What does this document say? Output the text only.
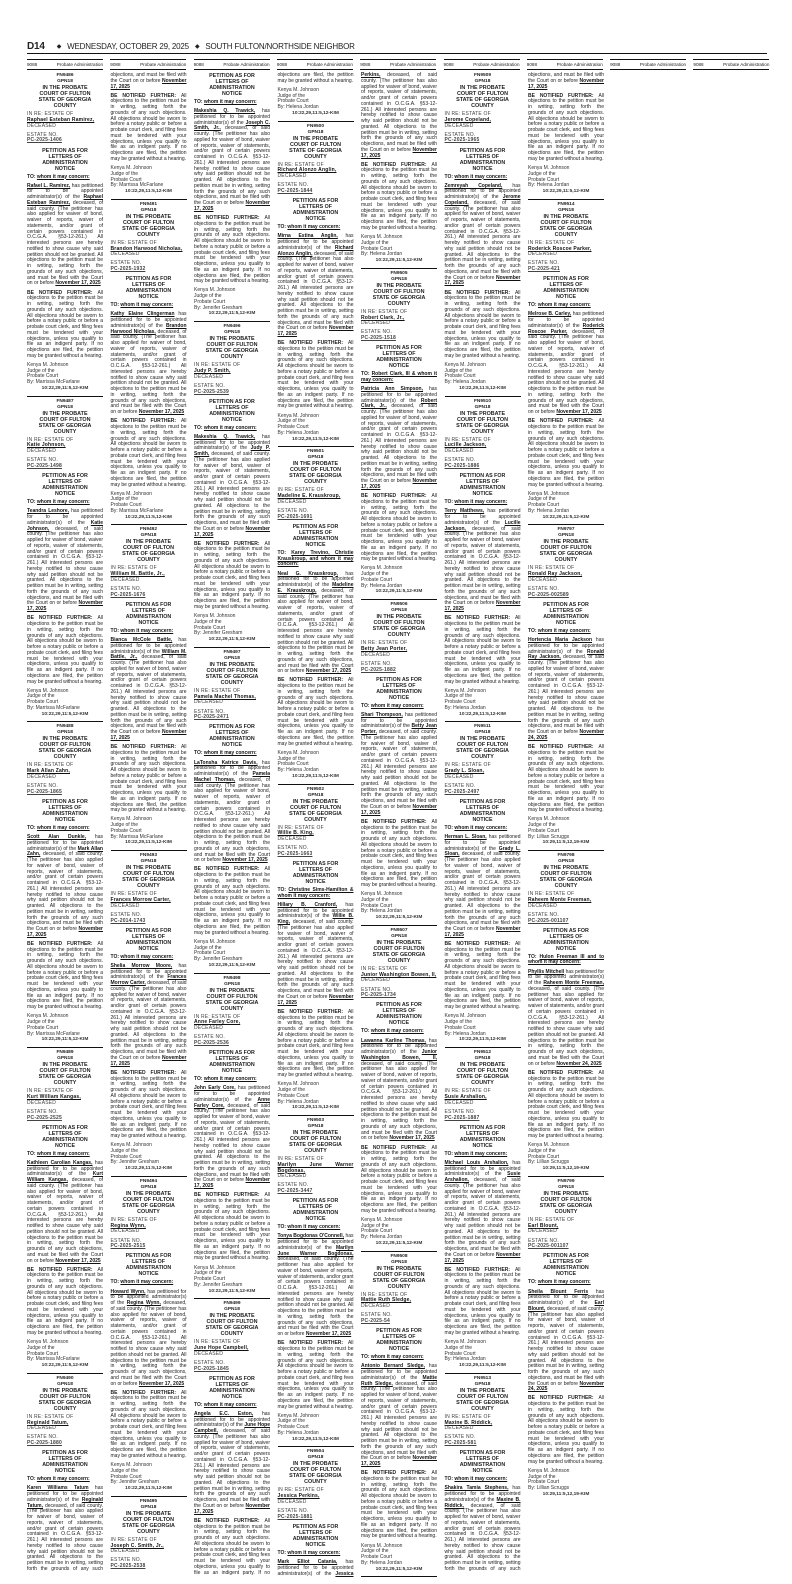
D14 ◆ WEDNESDAY, OCTOBER 29, 2025 ◆ SOUTH FULTON/NORTHSIDE NEIGHBOR
9088	Probate Administration 9088	Probate Administration 9088	Probate Administration 9088	Probate Administration 9088	Probate Administration 9088	Probate Administration 9088	Probate Administration 9088	Probate Administration 9088	Probate Administration
FN9486
GPN18
IN THE PROBATE
COURT OF FULTON
STATE OF GEORGIA
COUNTY

IN RE: ESTATE OF
Raphael Esteban Ramirez,
DECEASED

ESTATE NO.
PC-2025-1406

PETITION AS FOR
LETTERS OF
ADMINISTRATION
NOTICE

TO: whom it may concern:

Rafael L. Ramirez, has petitioned for to be appointed administrator(s) of the Raphael Esteban Ramirez, deceased, of said county. (The petitioner has also applied for waiver of bond, waiver of reports, waiver of statements, and/or grant of certain powers contained in O.C.G.A. §53-12-261.) All interested persons are hereby notified to show cause why said petition should not be granted. All objections to the petition must be in writing, setting forth the grounds of any such objections, and must be filed with the Court on or before November 17, 2025

BE NOTIFIED FURTHER: All objections to the petition must be in writing, setting forth the grounds of any such objections. All objections should be sworn to before a notary public or before a probate court clerk, and filing fees must be tendered with your objections, unless you qualify to file as an indigent party. If no objections are filed, the petition may be granted without a hearing.

Kenya M. Johnson
Judge of the
Probate Court
By: Marrissa McFarlane
10:22,29,11:5,12-KIM

FN9487
GPN18
IN THE PROBATE
COURT OF FULTON
STATE OF GEORGIA
COUNTY

IN RE: ESTATE OF
Katie Johnson,
DECEASED

ESTATE NO.
PC-2025-1498

PETITION AS FOR
LETTERS OF
ADMINISTRATION
NOTICE

TO: whom it may concern:

Teandra Leshore, has petitioned for to be appointed administrator(s) of the Katie Johnson, deceased, of said county. (The petitioner has also applied for waiver of bond, waiver of reports, waiver of statements, and/or grant of certain powers contained in O.C.G.A. §53-12-261.) All interested persons are hereby notified to show cause why said petition should not be granted. All objections to the petition must be in writing, setting forth the grounds of any such objections, and must be filed with the Court on or before November 17, 2025

BE NOTIFIED FURTHER: All objections to the petition must be in writing, setting forth the grounds of any such objections. All objections should be sworn to before a notary public or before a probate court clerk, and filing fees must be tendered with your objections, unless you qualify to file as an indigent party. If no objections are filed, the petition may be granted without a hearing.

Kenya M. Johnson
Judge of the
Probate Court
By: Marrissa McFarlane
10:22,29,11:5,12-KIM

FN9488
GPN18
IN THE PROBATE
COURT OF FULTON
STATE OF GEORGIA
COUNTY

IN RE: ESTATE OF
Mark Allan Zahn,
DECEASED

ESTATE NO.
PC-2025-1865

PETITION AS FOR
LETTERS OF
ADMINISTRATION
NOTICE

TO: whom it may concern:

Scott Alan Dunkle, has petitioned for to be appointed administrator(s) of the Mark Allan Zahn, deceased, of said county. (The petitioner has also applied for waiver of bond, waiver of reports, waiver of statements, and/or grant of certain powers contained in O.C.G.A. §53-12-261.) All interested persons are hereby notified to show cause why said petition should not be granted. All objections to the petition must be in writing, setting forth the grounds of any such objections, and must be filed with the Court on or before November 17, 2025

BE NOTIFIED FURTHER: All objections to the petition must be in writing, setting forth the grounds of any such objections. All objections should be sworn to before a notary public or before a probate court clerk, and filing fees must be tendered with your objections, unless you qualify to file as an indigent party. If no objections are filed, the petition may be granted without a hearing.

Kenya M. Johnson
Judge of the
Probate Court
By: Marrissa McFarlane
10:22,29,11:5,12-KIM

FN9489
GPN18
IN THE PROBATE
COURT OF FULTON
STATE OF GEORGIA
COUNTY

IN RE: ESTATE OF
Kurt William Kangas,
DECEASED

ESTATE NO.
PC-2025-2525

PETITION AS FOR
LETTERS OF
ADMINISTRATION
NOTICE

TO: whom it may concern:

Kathleen Carolian Kangas, has petitioned for to be appointed administrator(s) of the Kurt William Kangas, deceased, of said county. (The petitioner has also applied for waiver of bond, waiver of reports, waiver of statements, and/or grant of certain powers contained in O.C.G.A. §53-12-261.) All interested persons are hereby notified to show cause why said petition should not be granted. All objections to the petition must be in writing, setting forth the grounds of any such objections, and must be filed with the Court on or before November 17, 2025

BE NOTIFIED FURTHER: All objections to the petition must be in writing, setting forth the grounds of any such objections. All objections should be sworn to before a notary public or before a probate court clerk, and filing fees must be tendered with your objections, unless you qualify to file as an indigent party. If no objections are filed, the petition may be granted without a hearing.

Kenya M. Johnson
Judge of the
Probate Court
By: Marrissa McFarlane
10:22,29,11:5,12-KIM

FN9490
GPN18
IN THE PROBATE
COURT OF FULTON
STATE OF GEORGIA
COUNTY

IN RE: ESTATE OF
Reginald Tatum,
DECEASED

ESTATE NO.
PC-2025-1880

PETITION AS FOR
LETTERS OF
ADMINISTRATION
NOTICE

TO: whom it may concern:

Karen Williams Tatum has petitioned for to be appointed administrator(s) of the Reginald Tatum, deceased, of said county. (The petitioner has also applied for waiver of bond, waiver of reports, waiver of statements, and/or grant of certain powers contained in O.C.G.A. §53-12-261.) All interested persons are hereby notified to show cause why said petition should not be granted. All objections to the petition must be in writing, setting forth the grounds of any such objections, and must be filed with the Court on or before November 17, 2025

BE NOTIFIED FURTHER: All objections to the petition must be in writing, setting forth the grounds of any such objections. All objections should be sworn to before a notary public or before a probate court clerk, and filing fees must be tendered with your objections, unless you qualify to file as an indigent party. If no objections are filed, the petition may be granted without a hearing.

Kenya M. Johnson
Judge of the
Probate Court
By: Marrissa McFarlane
10:22,29,11:5,12-KIM

FN9491
GPN18
IN THE PROBATE
COURT OF FULTON
STATE OF GEORGIA
COUNTY

IN RE: ESTATE OF
Brandon Harwood Nicholas,
DECEASED

ESTATE NO.
PC-2025-1932

PETITION AS FOR
LETTERS OF
ADMINISTRATION
NOTICE

TO: whom it may concern:

Kathy Elaine Clingerman has petitioned for to be appointed administrator(s) of the Brandon Harwood Nicholas, deceased, of said county. (The petitioner has also applied for waiver of bond, waiver of reports, waiver of statements, and/or grant of certain powers contained in O.C.G.A. §53-12-261.) All interested persons are hereby notified to show cause why said petition should not be granted. All objections to the petition must be in writing, setting forth the grounds of any such objections, and must be filed with the Court on or before November 17, 2025

BE NOTIFIED FURTHER: All objections to the petition must be in writing, setting forth the grounds of any such objections. All objections should be sworn to before a notary public or before a probate court clerk, and filing fees must be tendered with your objections, unless you qualify to file as an indigent party. If no objections are filed, the petition may be granted without a hearing.

Kenya M. Johnson
Judge of the
Probate Court
By: Marrissa McFarlane
10:22,29,11:5,12-KIM

FN9492
GPN18
IN THE PROBATE
COURT OF FULTON
STATE OF GEORGIA
COUNTY

IN RE: ESTATE OF
William M. Battle, Jr.,
DECEASED

ESTATE NO.
PC-2025-1676

PETITION AS FOR
LETTERS OF
ADMINISTRATION
NOTICE

TO: whom it may concern:

Bianca McCole Battle, has petitioned for to be appointed administrator(s) of the William M. Battle, Jr., deceased, of said county. (The petitioner has also applied for waiver of bond, waiver of reports, waiver of statements, and/or grant of certain powers contained in O.C.G.A. §53-12-261.) All interested persons are hereby notified to show cause why said petition should not be granted. All objections to the petition must be in writing, setting forth the grounds of any such objections, and must be filed with the Court on or before November 17, 2025

BE NOTIFIED FURTHER: All objections to the petition must be in writing, setting forth the grounds of any such objections. All objections should be sworn to before a notary public or before a probate court clerk, and filing fees must be tendered with your objections, unless you qualify to file as an indigent party. If no objections are filed, the petition may be granted without a hearing.

Kenya M. Johnson
Judge of the
Probate Court
By: Marrissa McFarlane
10:22,29,11:5,12-KIM

FN9493
GPN18
IN THE PROBATE
COURT OF FULTON
STATE OF GEORGIA
COUNTY

IN RE: ESTATE OF
Frances Morrow Carter,
DECEASED

ESTATE NO.
PC-2014-1743

PETITION AS FOR
LETTERS OF
ADMINISTRATION
NOTICE

TO: whom it may concern:

Shelia Morrow Moore, has petitioned for to be appointed administrator(s) of the Frances Morrow Carter, deceased, of said county. (The petitioner has also applied for waiver of bond, waiver of reports, waiver of statements, and/or grant of certain powers contained in O.C.G.A. §53-12-261.) All interested persons are hereby notified to show cause why said petition should not be granted. All objections to the petition must be in writing, setting forth the grounds of any such objections, and must be filed with the Court on or before November 17, 2025

BE NOTIFIED FURTHER: All objections to the petition must be in writing, setting forth the grounds of any such objections. All objections should be sworn to before a notary public or before a probate court clerk, and filing fees must be tendered with your objections, unless you qualify to file as an indigent party. If no objections are filed, the petition may be granted without a hearing.

Kenya M. Johnson
Judge of the
Probate Court
By: Jennifer Gresham
10:22,29,11:5,12-KIM

FN9494
GPN18
IN THE PROBATE
COURT OF FULTON
STATE OF GEORGIA
COUNTY

IN RE: ESTATE OF
Regina Wynn,
DECEASED

ESTATE NO.
PC-2025-2515

PETITION AS FOR
LETTERS OF
ADMINISTRATION
NOTICE

TO: whom it may concern:

Howard Wynn, has petitioned for to be appointed administrator(s) of the Regina Wynn, deceased, of said county. (The petitioner has also applied for waiver of bond, waiver of reports, waiver of statements, and/or grant of certain powers contained in O.C.G.A. §53-12-261.) All interested persons are hereby notified to show cause why said petition should not be granted. All objections to the petition must be in writing, setting forth the grounds of any such objections, and must be filed with the Court on or before November 17, 2025

BE NOTIFIED FURTHER: All objections to the petition must be in writing, setting forth the grounds of any such objections. All objections should be sworn to before a notary public or before a probate court clerk, and filing fees must be tendered with your objections, unless you qualify to file as an indigent party. If no objections are filed, the petition may be granted without a hearing.

Kenya M. Johnson
Judge of the
Probate Court
By: Jennifer Gresham
10:22,29,11:5,12-KIM

FN9495
GPN18
IN THE PROBATE
COURT OF FULTON
STATE OF GEORGIA
COUNTY

IN RE: ESTATE OF
Joseph C. Smith, Jr.,
DECEASED

ESTATE NO.
PC-2025-2538

PETITION AS FOR
LETTERS OF
ADMINISTRATION
NOTICE

TO: whom it may concern:

Makeshia Q. Trawick, has petitioned for to be appointed administrator(s) of the Joseph C. Smith, Jr., deceased, of said county. (The petitioner has also applied for waiver of bond, waiver of reports, waiver of statements, and/or grant of certain powers contained in O.C.G.A. §53-12-261.) All interested persons are hereby notified to show cause why said petition should not be granted. All objections to the petition must be in writing, setting forth the grounds of any such objections, and must be filed with the Court on or before November 17, 2025

BE NOTIFIED FURTHER: All objections to the petition must be in writing, setting forth the grounds of any such objections. All objections should be sworn to before a notary public or before a probate court clerk, and filing fees must be tendered with your objections, unless you qualify to file as an indigent party. If no objections are filed, the petition may be granted without a hearing.

Kenya M. Johnson
Judge of the
Probate Court
By: Jennifer Gresham
10:22,29,11:5,12-KIM

FN9496
GPN18
IN THE PROBATE
COURT OF FULTON
STATE OF GEORGIA
COUNTY

IN RE: ESTATE OF
Judy P. Smith,
DECEASED

ESTATE NO.
PC-2025-2539

PETITION AS FOR
LETTERS OF
ADMINISTRATION
NOTICE

TO: whom it may concern:

Makeshia Q. Trawick, has petitioned for to be appointed administrator(s) of the Judy P. Smith, deceased, of said county. (The petitioner has also applied for waiver of bond, waiver of reports, waiver of statements, and/or grant of certain powers contained in O.C.G.A. §53-12-261.) All interested persons are hereby notified to show cause why said petition should not be granted. All objections to the petition must be in writing, setting forth the grounds of any such objections, and must be filed with the Court on or before November 17, 2025

BE NOTIFIED FURTHER: All objections to the petition must be in writing, setting forth the grounds of any such objections. All objections should be sworn to before a notary public or before a probate court clerk, and filing fees must be tendered with your objections, unless you qualify to file as an indigent party. If no objections are filed, the petition may be granted without a hearing.

Kenya M. Johnson
Judge of the
Probate Court
By: Jennifer Gresham
10:22,29,11:5,12-KIM

FN9497
GPN18
IN THE PROBATE
COURT OF FULTON
STATE OF GEORGIA
COUNTY

IN RE: ESTATE OF
Pamela Machel Thomas,
DECEASED

ESTATE NO.
PC-2025-2471

PETITION AS FOR
LETTERS OF
ADMINISTRATION
NOTICE

TO: whom it may concern:

LaTonsha Katrice Davis, has petitioned for to be appointed administrator(s) of the Pamela Machel Thomas, deceased, of said county. (The petitioner has also applied for waiver of bond, waiver of reports, waiver of statements, and/or grant of certain powers contained in O.C.G.A. §53-12-261.) All interested persons are hereby notified to show cause why said petition should not be granted. All objections to the petition must be in writing, setting forth the grounds of any such objections, and must be filed with the Court on or before November 17, 2025

BE NOTIFIED FURTHER: All objections to the petition must be in writing, setting forth the grounds of any such objections. All objections should be sworn to before a notary public or before a probate court clerk, and filing fees must be tendered with your objections, unless you qualify to file as an indigent party. If no objections are filed, the petition may be granted without a hearing.

Kenya M. Johnson
Judge of the
Probate Court
By: Jennifer Gresham
10:22,29,11:5,12-KIM

FN9498
GPN18
IN THE PROBATE
COURT OF FULTON
STATE OF GEORGIA
COUNTY

IN RE: ESTATE OF
Anne Farley Core,
DECEASED

ESTATE NO.
PC-2025-2536

PETITION AS FOR
LETTERS OF
ADMINISTRATION
NOTICE

TO: whom it may concern:

John Early Core, has petitioned for to be appointed administrator(s) of the Anne Farley Core, deceased, of said county. (The petitioner has also applied for waiver of bond, waiver of reports, waiver of statements, and/or grant of certain powers contained in O.C.G.A. §53-12-261.) All interested persons are hereby notified to show cause why said petition should not be granted. All objections to the petition must be in writing, setting forth the grounds of any such objections, and must be filed with the Court on or before November 17, 2025

BE NOTIFIED FURTHER: All objections to the petition must be in writing, setting forth the grounds of any such objections. All objections should be sworn to before a notary public or before a probate court clerk, and filing fees must be tendered with your objections, unless you qualify to file as an indigent party. If no objections are filed, the petition may be granted without a hearing.

Kenya M. Johnson
Judge of the
Probate Court
By: Jennifer Gresham
10:22,29,11:5,12-KIM

FN9499
GPN18
IN THE PROBATE
COURT OF FULTON
STATE OF GEORGIA
COUNTY

IN RE: ESTATE OF
June Hope Campbell,
DECEASED

ESTATE NO.
PC-2025-1845

PETITION AS FOR
LETTERS OF
ADMINISTRATION
NOTICE

TO: whom it may concern:

Angela E.C. Eston, has petitioned for to be appointed administrator(s) of the June Hope Campbell, deceased, of said county. (The petitioner has also applied for waiver of bond, waiver of reports, waiver of statements, and/or grant of certain powers contained in O.C.G.A. §53-12-261.) All interested persons are hereby notified to show cause why said petition should not be granted. All objections to the petition must be in writing, setting forth the grounds of any such objections, and must be filed with the Court on or before November 17, 2025

BE NOTIFIED FURTHER: All objections to the petition must be in writing, setting forth the grounds of any such objections. All objections should be sworn to before a notary public or before a probate court clerk, and filing fees must be tendered with your objections, unless you qualify to file as an indigent party. If no objections are filed, the petition may be granted without a hearing.

Kenya M. Johnson
Judge of the
Probate Court
By: Helena Jordan
10:22,29,11:5,12-KIM

FN9500
GPN18
IN THE PROBATE
COURT OF FULTON
STATE OF GEORGIA
COUNTY

IN RE: ESTATE OF
Richard Alonzo Anglin,
DECEASED

ESTATE NO.
PC-2025-1844

PETITION AS FOR
LETTERS OF
ADMINISTRATION
NOTICE

TO: whom it may concern:

Mirna Estina Anglin, has petitioned for to be appointed administrator(s) of the Richard Alonzo Anglin, deceased, of said county. (The petitioner has also applied for waiver of bond, waiver of reports, waiver of statements, and/or grant of certain powers contained in O.C.G.A. §53-12-261.) All interested persons are hereby notified to show cause why said petition should not be granted. All objections to the petition must be in writing, setting forth the grounds of any such objections, and must be filed with the Court on or before November 17, 2025

BE NOTIFIED FURTHER: All objections to the petition must be in writing, setting forth the grounds of any such objections. All objections should be sworn to before a notary public or before a probate court clerk, and filing fees must be tendered with your objections, unless you qualify to file as an indigent party. If no objections are filed, the petition may be granted without a hearing.

Kenya M. Johnson
Judge of the
Probate Court
By: Helena Jordan
10:22,29,11:5,12-KIM

FN9501
GPN18
IN THE PROBATE
COURT OF FULTON
STATE OF GEORGIA
COUNTY

IN RE: ESTATE OF
Madeline E. Krauskroup,
DECEASED

ESTATE NO.
PC-2025-1691

PETITION AS FOR
LETTERS OF
ADMINISTRATION
NOTICE

TO: Karey Trevino, Christie Krauskroup, and whom it may concern:

Neal G. Krauskroup, has petitioned for to be appointed administrator(s) of the Madeline E. Krauskroup, deceased, of said county. (The petitioner has also applied for waiver of bond, waiver of reports, waiver of statements, and/or grant of certain powers contained in O.C.G.A. §53-12-261.) All interested persons are hereby notified to show cause why said petition should not be granted. All objections to the petition must be in writing, setting forth the grounds of any such objections, and must be filed with the Court on or before November 17, 2025

BE NOTIFIED FURTHER: All objections to the petition must be in writing, setting forth the grounds of any such objections. All objections should be sworn to before a notary public or before a probate court clerk, and filing fees must be tendered with your objections, unless you qualify to file as an indigent party. If no objections are filed, the petition may be granted without a hearing.

Kenya M. Johnson
Judge of the
Probate Court
By: Helena Jordan
10:22,29,11:5,12-KIM

FN9502
GPN18
IN THE PROBATE
COURT OF FULTON
STATE OF GEORGIA
COUNTY

IN RE: ESTATE OF
Willie B. King,
DECEASED

ESTATE NO.
PC-2025-1663

PETITION AS FOR
LETTERS OF
ADMINISTRATION
NOTICE

TO: Christine Sims-Hamilton & whom it may concern:

Hillary B. Cranford, has petitioned for to be appointed administrator(s) of the Willie B. King, deceased, of said county. (The petitioner has also applied for waiver of bond, waiver of reports, waiver of statements, and/or grant of certain powers contained in O.C.G.A. §53-12-261.) All interested persons are hereby notified to show cause why said petition should not be granted. All objections to the petition must be in writing, setting forth the grounds of any such objections, and must be filed with the Court on or before November 17, 2025

BE NOTIFIED FURTHER: All objections to the petition must be in writing, setting forth the grounds of any such objections. All objections should be sworn to before a notary public or before a probate court clerk, and filing fees must be tendered with your objections, unless you qualify to file as an indigent party. If no objections are filed, the petition may be granted without a hearing.

Kenya M. Johnson
Judge of the
Probate Court
By: Helena Jordan
10:22,29,11:5,12-KIM

FN9503
GPN18
IN THE PROBATE
COURT OF FULTON
STATE OF GEORGIA
COUNTY

IN RE: ESTATE OF
Marilyn June Warner Bogdonas,
DECEASED

ESTATE NO.
PC-2025-3447

PETITION AS FOR
LETTERS OF
ADMINISTRATION
NOTICE

TO: whom it may concern:

Tonya Bogdonas O'Connell, has petitioned for to be appointed administrator(s) of the Marilyn June Warner Bogdonas, deceased, of said county. (The petitioner has also applied for waiver of bond, waiver of reports, waiver of statements, and/or grant of certain powers contained in O.C.G.A. §53-12-261.) All interested persons are hereby notified to show cause why said petition should not be granted. All objections to the petition must be in writing, setting forth the grounds of any such objections, and must be filed with the Court on or before November 17, 2025

BE NOTIFIED FURTHER: All objections to the petition must be in writing, setting forth the grounds of any such objections. All objections should be sworn to before a notary public or before a probate court clerk, and filing fees must be tendered with your objections, unless you qualify to file as an indigent party. If no objections are filed, the petition may be granted without a hearing.

Kenya M. Johnson
Judge of the
Probate Court
By: Helena Jordan
10:22,29,11:5,12-KIM

FN9504
GPN18
IN THE PROBATE
COURT OF FULTON
STATE OF GEORGIA
COUNTY

IN RE: ESTATE OF
Jessica Perkins,
DECEASED

ESTATE NO.
PC-2025-1881

PETITION AS FOR
LETTERS OF
ADMINISTRATION
NOTICE

TO: whom it may concern:

Mark Elliot Catania, has petitioned for to be appointed administrator(s) of the Jessica Perkins, deceased, of said county. (The petitioner has also applied for waiver of bond, waiver of reports, waiver of statements, and/or grant of certain powers contained in O.C.G.A. §53-12-261.) All interested persons are hereby notified to show cause why said petition should not be granted. All objections to the petition must be in writing, setting forth the grounds of any such objections, and must be filed with the Court on or before November 17, 2025

BE NOTIFIED FURTHER: All objections to the petition must be in writing, setting forth the grounds of any such objections. All objections should be sworn to before a notary public or before a probate court clerk, and filing fees must be tendered with your objections, unless you qualify to file as an indigent party. If no objections are filed, the petition may be granted without a hearing.

Kenya M. Johnson
Judge of the
Probate Court
By: Helena Jordan
10:22,29,11:5,12-KIM

FN9505
GPN18
IN THE PROBATE
COURT OF FULTON
STATE OF GEORGIA
COUNTY

IN RE: ESTATE OF
Robert Clark, Jr.,
DECEASED

ESTATE NO.
PC-2025-1518

PETITION AS FOR
LETTERS OF
ADMINISTRATION
NOTICE

TO: Robert Clark, III & whom it may concern:

Patricia Ann Simpson, has petitioned for to be appointed administrator(s) of the Robert Clark, Jr., deceased, of said county. (The petitioner has also applied for waiver of bond, waiver of reports, waiver of statements, and/or grant of certain powers contained in O.C.G.A. §53-12-261.) All interested persons are hereby notified to show cause why said petition should not be granted. All objections to the petition must be in writing, setting forth the grounds of any such objections, and must be filed with the Court on or before November 17, 2025

BE NOTIFIED FURTHER: All objections to the petition must be in writing, setting forth the grounds of any such objections. All objections should be sworn to before a notary public or before a probate court clerk, and filing fees must be tendered with your objections, unless you qualify to file as an indigent party. If no objections are filed, the petition may be granted without a hearing.

Kenya M. Johnson
Judge of the
Probate Court
By: Helena Jordan
10:22,29,11:5,12-KIM

FN9506
GPN18
IN THE PROBATE
COURT OF FULTON
STATE OF GEORGIA
COUNTY

IN RE: ESTATE OF
Betty Jean Porter,
DECEASED

ESTATE NO.
PC-2025-1882

PETITION AS FOR
LETTERS OF
ADMINISTRATION
NOTICE

TO: whom it may concern:

Shari Thompson, has petitioned for to be appointed administrator(s) of the Betty Jean Porter, deceased, of said county. (The petitioner has also applied for waiver of bond, waiver of reports, waiver of statements, and/or grant of certain powers contained in O.C.G.A. §53-12-261.) All interested persons are hereby notified to show cause why said petition should not be granted. All objections to the petition must be in writing, setting forth the grounds of any such objections, and must be filed with the Court on or before November 17, 2025

BE NOTIFIED FURTHER: All objections to the petition must be in writing, setting forth the grounds of any such objections. All objections should be sworn to before a notary public or before a probate court clerk, and filing fees must be tendered with your objections, unless you qualify to file as an indigent party. If no objections are filed, the petition may be granted without a hearing.

Kenya M. Johnson
Judge of the
Probate Court
By: Helena Jordan
10:22,29,11:5,12-KIM

FN9507
GPN18
IN THE PROBATE
COURT OF FULTON
STATE OF GEORGIA
COUNTY

IN RE: ESTATE OF
Junior Washington Bowen, II,
DECEASED

ESTATE NO.
PC-2025-1734

PETITION AS FOR
LETTERS OF
ADMINISTRATION
NOTICE

TO: whom it may concern:

Lawanna Karline Thomas, has petitioned for to be appointed administrator(s) of the Junior Washington Bowen, II, deceased, of said county. (The petitioner has also applied for waiver of bond, waiver of reports, waiver of statements, and/or grant of certain powers contained in O.C.G.A. §53-12-261.) All interested persons are hereby notified to show cause why said petition should not be granted. All objections to the petition must be in writing, setting forth the grounds of any such objections, and must be filed with the Court on or before November 17, 2025

BE NOTIFIED FURTHER: All objections to the petition must be in writing, setting forth the grounds of any such objections. All objections should be sworn to before a notary public or before a probate court clerk, and filing fees must be tendered with your objections, unless you qualify to file as an indigent party. If no objections are filed, the petition may be granted without a hearing.

Kenya M. Johnson
Judge of the
Probate Court
By: Helena Jordan
10:22,29,11:5,12-KIM

FN9508
GPN18
IN THE PROBATE
COURT OF FULTON
STATE OF GEORGIA
COUNTY

IN RE: ESTATE OF
Mattie Ruth Sledge,
DECEASED

ESTATE NO.
PC-2025-54

PETITION AS FOR
LETTERS OF
ADMINISTRATION
NOTICE

TO: whom it may concern:

Antonio Bernard Sledge, has petitioned for to be appointed administrator(s) of the Mattie Ruth Sledge, deceased, of said county. (The petitioner has also applied for waiver of bond, waiver of reports, waiver of statements, and/or grant of certain powers contained in O.C.G.A. §53-12-261.) All interested persons are hereby notified to show cause why said petition should not be granted. All objections to the petition must be in writing, setting forth the grounds of any such objections, and must be filed with the Court on or before November 17, 2025

BE NOTIFIED FURTHER: All objections to the petition must be in writing, setting forth the grounds of any such objections. All objections should be sworn to before a notary public or before a probate court clerk, and filing fees must be tendered with your objections, unless you qualify to file as an indigent party. If no objections are filed, the petition may be granted without a hearing.

Kenya M. Johnson
Judge of the
Probate Court
By: Helena Jordan
10:22,29,11:5,12-KIM

FN9509
GPN18
IN THE PROBATE
COURT OF FULTON
STATE OF GEORGIA
COUNTY

IN RE: ESTATE OF
Jerome Copeland,
DECEASED

ESTATE NO.
PC-2025-1965

PETITION AS FOR
LETTERS OF
ADMINISTRATION
NOTICE

TO: whom it may concern:

Zemreyah Copeland, has petitioned for to be appointed administrator(s) of the Jerome Copeland, deceased, of said county. (The petitioner has also applied for waiver of bond, waiver of reports, waiver of statements, and/or grant of certain powers contained in O.C.G.A. §53-12-261.) All interested persons are hereby notified to show cause why said petition should not be granted. All objections to the petition must be in writing, setting forth the grounds of any such objections, and must be filed with the Court on or before November 17, 2025

BE NOTIFIED FURTHER: All objections to the petition must be in writing, setting forth the grounds of any such objections. All objections should be sworn to before a notary public or before a probate court clerk, and filing fees must be tendered with your objections, unless you qualify to file as an indigent party. If no objections are filed, the petition may be granted without a hearing.

Kenya M. Johnson
Judge of the
Probate Court
By: Helena Jordan
10:22,29,11:5,12-KIM

FN9510
GPN18
IN THE PROBATE
COURT OF FULTON
STATE OF GEORGIA
COUNTY

IN RE: ESTATE OF
Lucille Jackson,
DECEASED

ESTATE NO.
PC-2025-1886

PETITION AS FOR
LETTERS OF
ADMINISTRATION
NOTICE

TO: whom it may concern:

Terry Matthews, has petitioned for to be appointed administrator(s) of the Lucille Jackson, deceased, of said county. (The petitioner has also applied for waiver of bond, waiver of reports, waiver of statements, and/or grant of certain powers contained in O.C.G.A. §53-12-261.) All interested persons are hereby notified to show cause why said petition should not be granted. All objections to the petition must be in writing, setting forth the grounds of any such objections, and must be filed with the Court on or before November 17, 2025

BE NOTIFIED FURTHER: All objections to the petition must be in writing, setting forth the grounds of any such objections. All objections should be sworn to before a notary public or before a probate court clerk, and filing fees must be tendered with your objections, unless you qualify to file as an indigent party. If no objections are filed, the petition may be granted without a hearing.

Kenya M. Johnson
Judge of the
Probate Court
By: Helena Jordan
10:22,29,11:5,12-KIM

FN9511
GPN18
IN THE PROBATE
COURT OF FULTON
STATE OF GEORGIA
COUNTY

IN RE: ESTATE OF
Grady L. Sloan,
DECEASED

ESTATE NO.
PC-2025-2497

PETITION AS FOR
LETTERS OF
ADMINISTRATION
NOTICE

TO: whom it may concern:

Herman L. Sloan, has petitioned for to be appointed administrator(s) of the Grady L. Sloan, deceased, of said county. (The petitioner has also applied for waiver of bond, waiver of reports, waiver of statements, and/or grant of certain powers contained in O.C.G.A. §53-12-261.) All interested persons are hereby notified to show cause why said petition should not be granted. All objections to the petition must be in writing, setting forth the grounds of any such objections, and must be filed with the Court on or before November 17, 2025

BE NOTIFIED FURTHER: All objections to the petition must be in writing, setting forth the grounds of any such objections. All objections should be sworn to before a notary public or before a probate court clerk, and filing fees must be tendered with your objections, unless you qualify to file as an indigent party. If no objections are filed, the petition may be granted without a hearing.

Kenya M. Johnson
Judge of the
Probate Court
By: Helena Jordan
10:22,29,11:5,12-KIM

FN9512
GPN18
IN THE PROBATE
COURT OF FULTON
STATE OF GEORGIA
COUNTY

IN RE: ESTATE OF
Susie Arshalion,
DECEASED

ESTATE NO.
PC-2025-1887

PETITION AS FOR
LETTERS OF
ADMINISTRATION
NOTICE

TO: whom it may concern:

Michael Louis Arshalion, has petitioned for to be appointed administrator(s) of the Susie Arshalion, deceased, of said county. (The petitioner has also applied for waiver of bond, waiver of reports, waiver of statements, and/or grant of certain powers contained in O.C.G.A. §53-12-261.) All interested persons are hereby notified to show cause why said petition should not be granted. All objections to the petition must be in writing, setting forth the grounds of any such objections, and must be filed with the Court on or before November 17, 2025

BE NOTIFIED FURTHER: All objections to the petition must be in writing, setting forth the grounds of any such objections. All objections should be sworn to before a notary public or before a probate court clerk, and filing fees must be tendered with your objections, unless you qualify to file as an indigent party. If no objections are filed, the petition may be granted without a hearing.

Kenya M. Johnson
Judge of the
Probate Court
By: Helena Jordan
10:22,29,11:5,12-KIM

FN9513
GPN18
IN THE PROBATE
COURT OF FULTON
STATE OF GEORGIA
COUNTY

IN RE: ESTATE OF
Maxine B. Riddick,
DECEASED

ESTATE NO.
PC-2025-581

PETITION AS FOR
LETTERS OF
ADMINISTRATION
NOTICE

TO: whom it may concern:

Shakira Tamia Stephens, has petitioned for to be appointed administrator(s) of the Maxine B. Riddick, deceased, of said county. (The petitioner has also applied for waiver of bond, waiver of reports, waiver of statements, and/or grant of certain powers contained in O.C.G.A. §53-12-261.) All interested persons are hereby notified to show cause why said petition should not be granted. All objections to the petition must be in writing, setting forth the grounds of any such objections, and must be filed with the Court on or before November 17, 2025

BE NOTIFIED FURTHER: All objections to the petition must be in writing, setting forth the grounds of any such objections. All objections should be sworn to before a notary public or before a probate court clerk, and filing fees must be tendered with your objections, unless you qualify to file as an indigent party. If no objections are filed, the petition may be granted without a hearing.

Kenya M. Johnson
Judge of the
Probate Court
By: Helena Jordan
10:22,29,11:5,12-KIM

FN9514
GPN18
IN THE PROBATE
COURT OF FULTON
STATE OF GEORGIA
COUNTY

IN RE: ESTATE OF
Roderick Roscoe Parker,
DECEASED

ESTATE NO.
PC-2025-421

PETITION AS FOR
LETTERS OF
ADMINISTRATION
NOTICE

TO: whom it may concern:

Melrose B. Carley, has petitioned for to be appointed administrator(s) of the Roderick Roscoe Parker, deceased, of said county. (The petitioner has also applied for waiver of bond, waiver of reports, waiver of statements, and/or grant of certain powers contained in O.C.G.A. §53-12-261.) All interested persons are hereby notified to show cause why said petition should not be granted. All objections to the petition must be in writing, setting forth the grounds of any such objections, and must be filed with the Court on or before November 17, 2025

BE NOTIFIED FURTHER: All objections to the petition must be in writing, setting forth the grounds of any such objections. All objections should be sworn to before a notary public or before a probate court clerk, and filing fees must be tendered with your objections, unless you qualify to file as an indigent party. If no objections are filed, the petition may be granted without a hearing.

Kenya M. Johnson
Judge of the
Probate Court
By: Helena Jordan
10:22,29,11:5,12-KIM

FN9797
GPN18
IN THE PROBATE
COURT OF FULTON
STATE OF GEORGIA
COUNTY

IN RE: ESTATE OF
Ronald Ray Jackson,
DECEASED

ESTATE NO.
PC-2025-002589

PETITION AS FOR
LETTERS OF
ADMINISTRATION
NOTICE

TO: whom it may concern:

Hortencia Maria Jackson has petitioned for to be appointed administrator(s) of the Ronald Ray Jackson, deceased, of said county. (The petitioner has also applied for waiver of bond, waiver of reports, waiver of statements, and/or grant of certain powers contained in O.C.G.A. §53-12-261.) All interested persons are hereby notified to show cause why said petition should not be granted. All objections to the petition must be in writing, setting forth the grounds of any such objections, and must be filed with the Court on or before November 24, 2025

BE NOTIFIED FURTHER: All objections to the petition must be in writing, setting forth the grounds of any such objections. All objections should be sworn to before a notary public or before a probate court clerk, and filing fees must be tendered with your objections, unless you qualify to file as an indigent party. If no objections are filed, the petition may be granted without a hearing.

Kenya M. Johnson
Judge of the
Probate Court
By: Lillian Scruggs
10:29,11:5,12,19-KIM

FN9798
GPN18
IN THE PROBATE
COURT OF FULTON
STATE OF GEORGIA
COUNTY

IN RE: ESTATE OF
Raheem Monte Freeman,
DECEASED

ESTATE NO.
PC-2025-001107

PETITION AS FOR
LETTERS OF
ADMINISTRATION
NOTICE

TO: Hulon Freeman III and to whom it may concern:

Phyllis Mitchell has petitioned for to be appointed administrator(s) of the Raheem Monte Freeman, deceased, of said county. (The petitioner has also applied for waiver of bond, waiver of reports, waiver of statements, and/or grant of certain powers contained in O.C.G.A. §53-12-261.) All interested persons are hereby notified to show cause why said petition should not be granted. All objections to the petition must be in writing, setting forth the grounds of any such objections, and must be filed with the Court on or before November 24, 2025

BE NOTIFIED FURTHER: All objections to the petition must be in writing, setting forth the grounds of any such objections. All objections should be sworn to before a notary public or before a probate court clerk, and filing fees must be tendered with your objections, unless you qualify to file as an indigent party. If no objections are filed, the petition may be granted without a hearing.

Kenya M. Johnson
Judge of the
Probate Court
By: Lillian Scruggs
10:29,11:5,12,19-KIM

FN9799
GPN18
IN THE PROBATE
COURT OF FULTON
STATE OF GEORGIA
COUNTY

IN RE: ESTATE OF
Earl Blount,
DECEASED

ESTATE NO.
PC-2025-001107

PETITION AS FOR
LETTERS OF
ADMINISTRATION
NOTICE

TO: whom it may concern:

Sheila Blount Ferris has petitioned for to be appointed administrator(s) of the Earl Blount, deceased, of said county. (The petitioner has also applied for waiver of bond, waiver of reports, waiver of statements, and/or grant of certain powers contained in O.C.G.A. §53-12-261.) All interested persons are hereby notified to show cause why said petition should not be granted. All objections to the petition must be in writing, setting forth the grounds of any such objections, and must be filed with the Court on or before November 24, 2025

BE NOTIFIED FURTHER: All objections to the petition must be in writing, setting forth the grounds of any such objections. All objections should be sworn to before a notary public or before a probate court clerk, and filing fees must be tendered with your objections, unless you qualify to file as an indigent party. If no objections are filed, the petition may be granted without a hearing.

Kenya M. Johnson
Judge of the
Probate Court
By: Lillian Scruggs
10:29,11:5,12,19-KIM
